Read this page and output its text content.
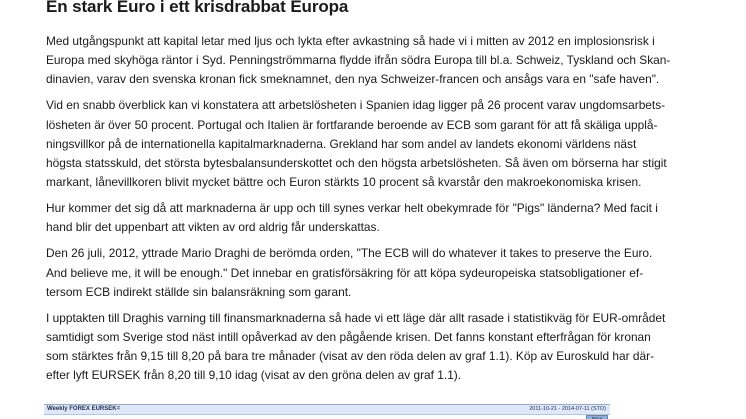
En stark Euro i ett krisdrabbat Europa

Med utgångspunkt att kapital letar med ljus och lykta efter avkastning så hade vi i mitten av 2012 en implosionsrisk i
Europa med skyhöga räntor i Syd. Penningströmmarna flydde ifrån södra Europa till bl.a. Schweiz, Tyskland och Skan-
dinavien, varav den svenska kronan fick smeknamnet, den nya Schweizer-francen och ansågs vara en "safe haven".

Vid en snabb överblick kan vi konstatera att arbetslösheten i Spanien idag ligger på 26 procent varav ungdomsarbets-
lösheten är över 50 procent. Portugal och Italien är fortfarande beroende av ECB som garant för att få skäliga upplå-
ningsvillkor på de internationella kapitalmarknaderna. Grekland har som andel av landets ekonomi världens näst
högsta statsskuld, det största bytesbalansunderskottet och den högsta arbetslösheten. Så även om börserna har stigit
markant, lånevillkoren blivit mycket bättre och Euron stärkts 10 procent så kvarstår den makroekonomiska krisen.

Hur kommer det sig då att marknaderna är upp och till synes verkar helt obekymrade för "Pigs" länderna? Med facit i
hand blir det uppenbart att vikten av ord aldrig får underskattas.

Den 26 juli, 2012, yttrade Mario Draghi de berömda orden, "The ECB will do whatever it takes to preserve the Euro.
And believe me, it will be enough." Det innebar en gratisförsäkring för att köpa sydeuropeiska statsobligationer ef-
tersom ECB indirekt ställde sin balansräkning som garant.

I upptakten till Draghis varning till finansmarknaderna så hade vi ett läge där allt rasade i statistikväg för EUR-området
samtidigt som Sverige stod näst intill opåverkad av den pågående krisen. Det fanns konstant efterfrågan för kronan
som stärktes från 9,15 till 8,20 på bara tre månader (visat av den röda delen av graf 1.1). Köp av Euroskuld har där-
efter lyft EURSEK från 8,20 till 9,10 idag (visat av den gröna delen av graf 1.1).

Weekly FOREX EURSEK=	2011-10-21 - 2014-07-11 (STO)
Price
